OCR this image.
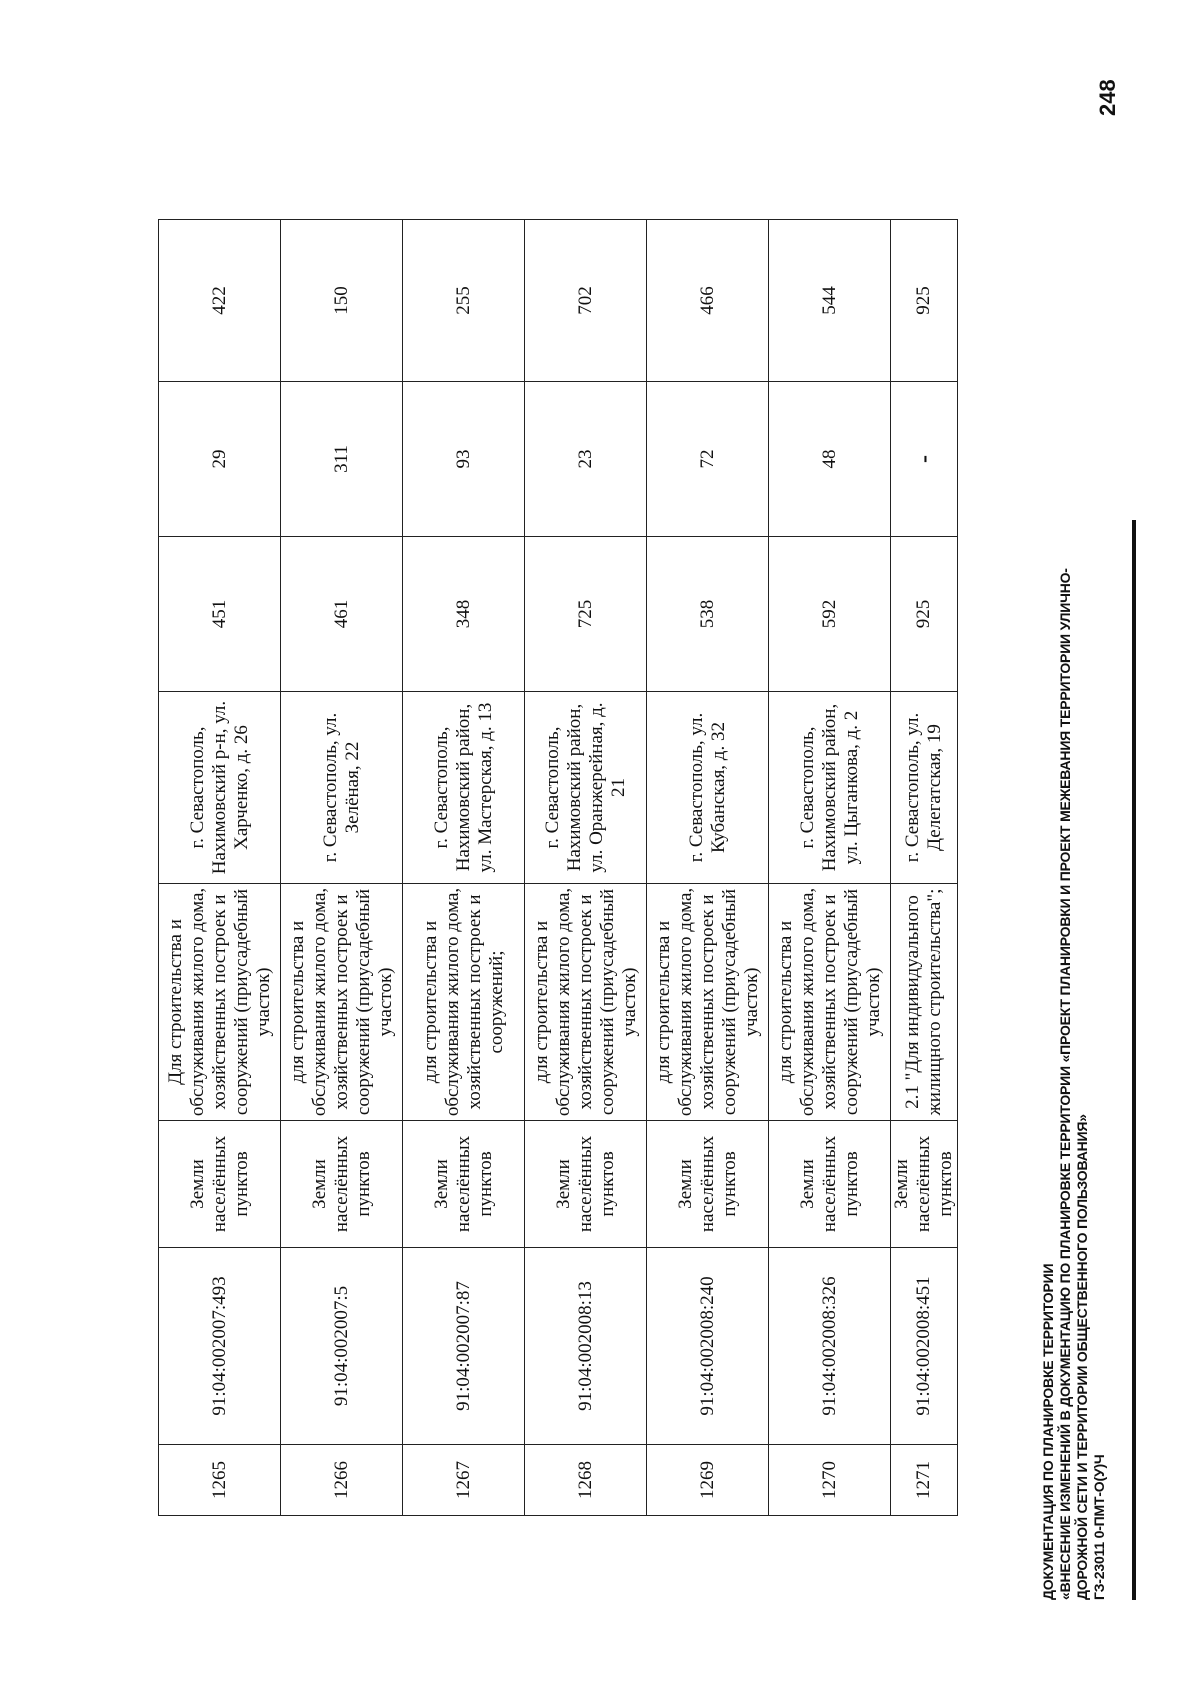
ДОКУМЕНТАЦИЯ ПО ПЛАНИРОВКЕ ТЕРРИТОРИИ «ВНЕСЕНИЕ ИЗМЕНЕНИЙ В ДОКУМЕНТАЦИЮ ПО ПЛАНИРОВКЕ ТЕРРИТОРИИ «ПРОЕКТ ПЛАНИРОВКИ И ПРОЕКТ МЕЖЕВАНИЯ ТЕРРИТОРИИ УЛИЧНО- ДОРОЖНОЙ СЕТИ И ТЕРРИТОРИИ ОБЩЕСТВЕННОГО ПОЛЬЗОВАНИЯ» ГЗ-23011 0-ПМТ-О(У)Ч
248
1265	91:04:002007:493	Земли населённых пунктов	Для строительства и обслуживания жилого дома, хозяйственных построек и сооружений (приусадебный участок)	г. Севастополь, Нахимовский р-н, ул. Харченко, д. 26	451	29	422
1266	91:04:002007:5	Земли населённых пунктов	для строительства и обслуживания жилого дома, хозяйственных построек и сооружений (приусадебный участок)	г. Севастополь, ул. Зелёная, 22	461	311	150
1267	91:04:002007:87	Земли населённых пунктов	для строительства и обслуживания жилого дома, хозяйственных построек и сооружений;	г. Севастополь, Нахимовский район, ул. Мастерская, д. 13	348	93	255
1268	91:04:002008:13	Земли населённых пунктов	для строительства и обслуживания жилого дома, хозяйственных построек и сооружений (приусадебный участок)	г. Севастополь, Нахимовский район, ул. Оранжерейная, д. 21	725	23	702
1269	91:04:002008:240	Земли населённых пунктов	для строительства и обслуживания жилого дома, хозяйственных построек и сооружений (приусадебный участок)	г. Севастополь, ул. Кубанская, д. 32	538	72	466
1270	91:04:002008:326	Земли населённых пунктов	для строительства и обслуживания жилого дома, хозяйственных построек и сооружений (приусадебный участок)	г. Севастополь, Нахимовский район, ул. Цыганкова, д. 2	592	48	544
1271	91:04:002008:451	Земли населённых пунктов	2.1 "Для индивидуального жилищного строительства";	г. Севастополь, ул. Делегатская, 19	925	-	925
